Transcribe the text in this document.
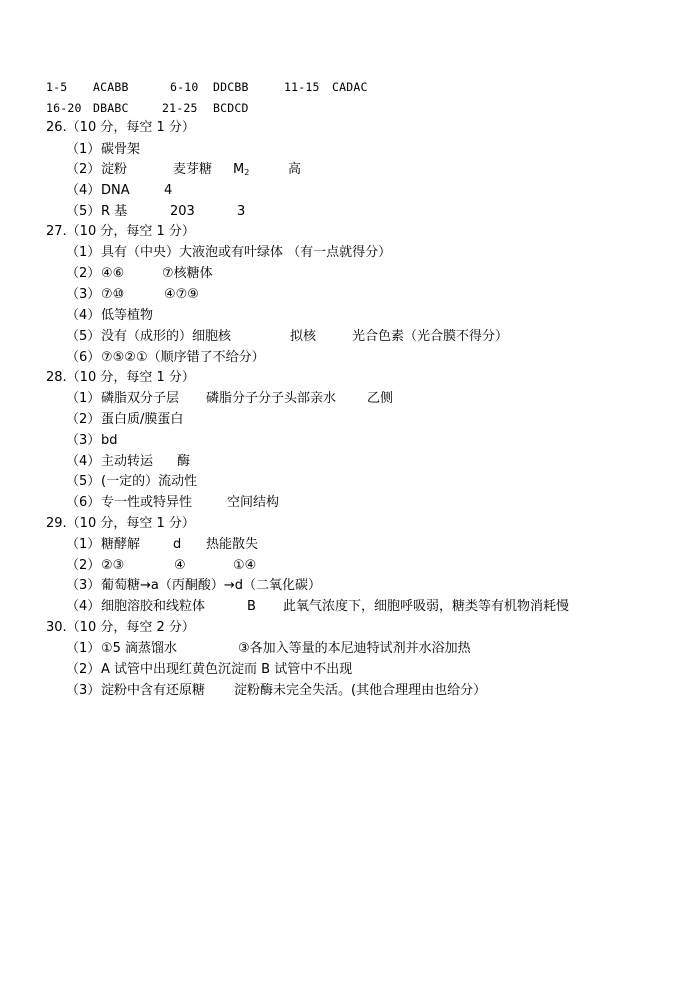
1-5 ACABB	6-10 DDCBB	11-15 CADAC
16-20 DBABC	21-25 BCDCD
26.（10 分，每空 1 分）
（1） 碳骨架
（2） 淀粉	麦芽糖 $M_2$	高
（4） DNA	4
（5） R 基	203	3
27.（10 分，每空 1 分）
（1） 具有（中央）大液泡或有叶绿体 （有一点就得分）
（2） ④⑥	⑦核糖体
（3） ⑦⑩	④⑦⑨
（4） 低等植物
（5） 没有（成形的）细胞核	拟核	光合色素（光合膜不得分）
（6） ⑦⑤②①（顺序错了不给分）
28.（10 分，每空 1 分）
（1） 磷脂双分子层 磷脂分子分子头部亲水 乙侧
（2） 蛋白质/膜蛋白
（3） bd
（4） 主动转运 酶
（5） (一定的）流动性
（6） 专一性或特异性	空间结构
29.（10 分，每空 1 分）
（1） 糖酵解	d 热能散失
（2） ②③	④	①④
（3） 葡萄糖→a（丙酮酸）→d（二氧化碳）
（4） 细胞溶胶和线粒体	B 此氧气浓度下，细胞呼吸弱，糖类等有机物消耗慢
30.（10 分，每空 2 分）
（1） ①5 滴蒸馏水	③各加入等量的本尼迪特试剂并水浴加热
（2） A 试管中出现红黄色沉淀而 B 试管中不出现
（3） 淀粉中含有还原糖 淀粉酶未完全失活。(其他合理理由也给分）
